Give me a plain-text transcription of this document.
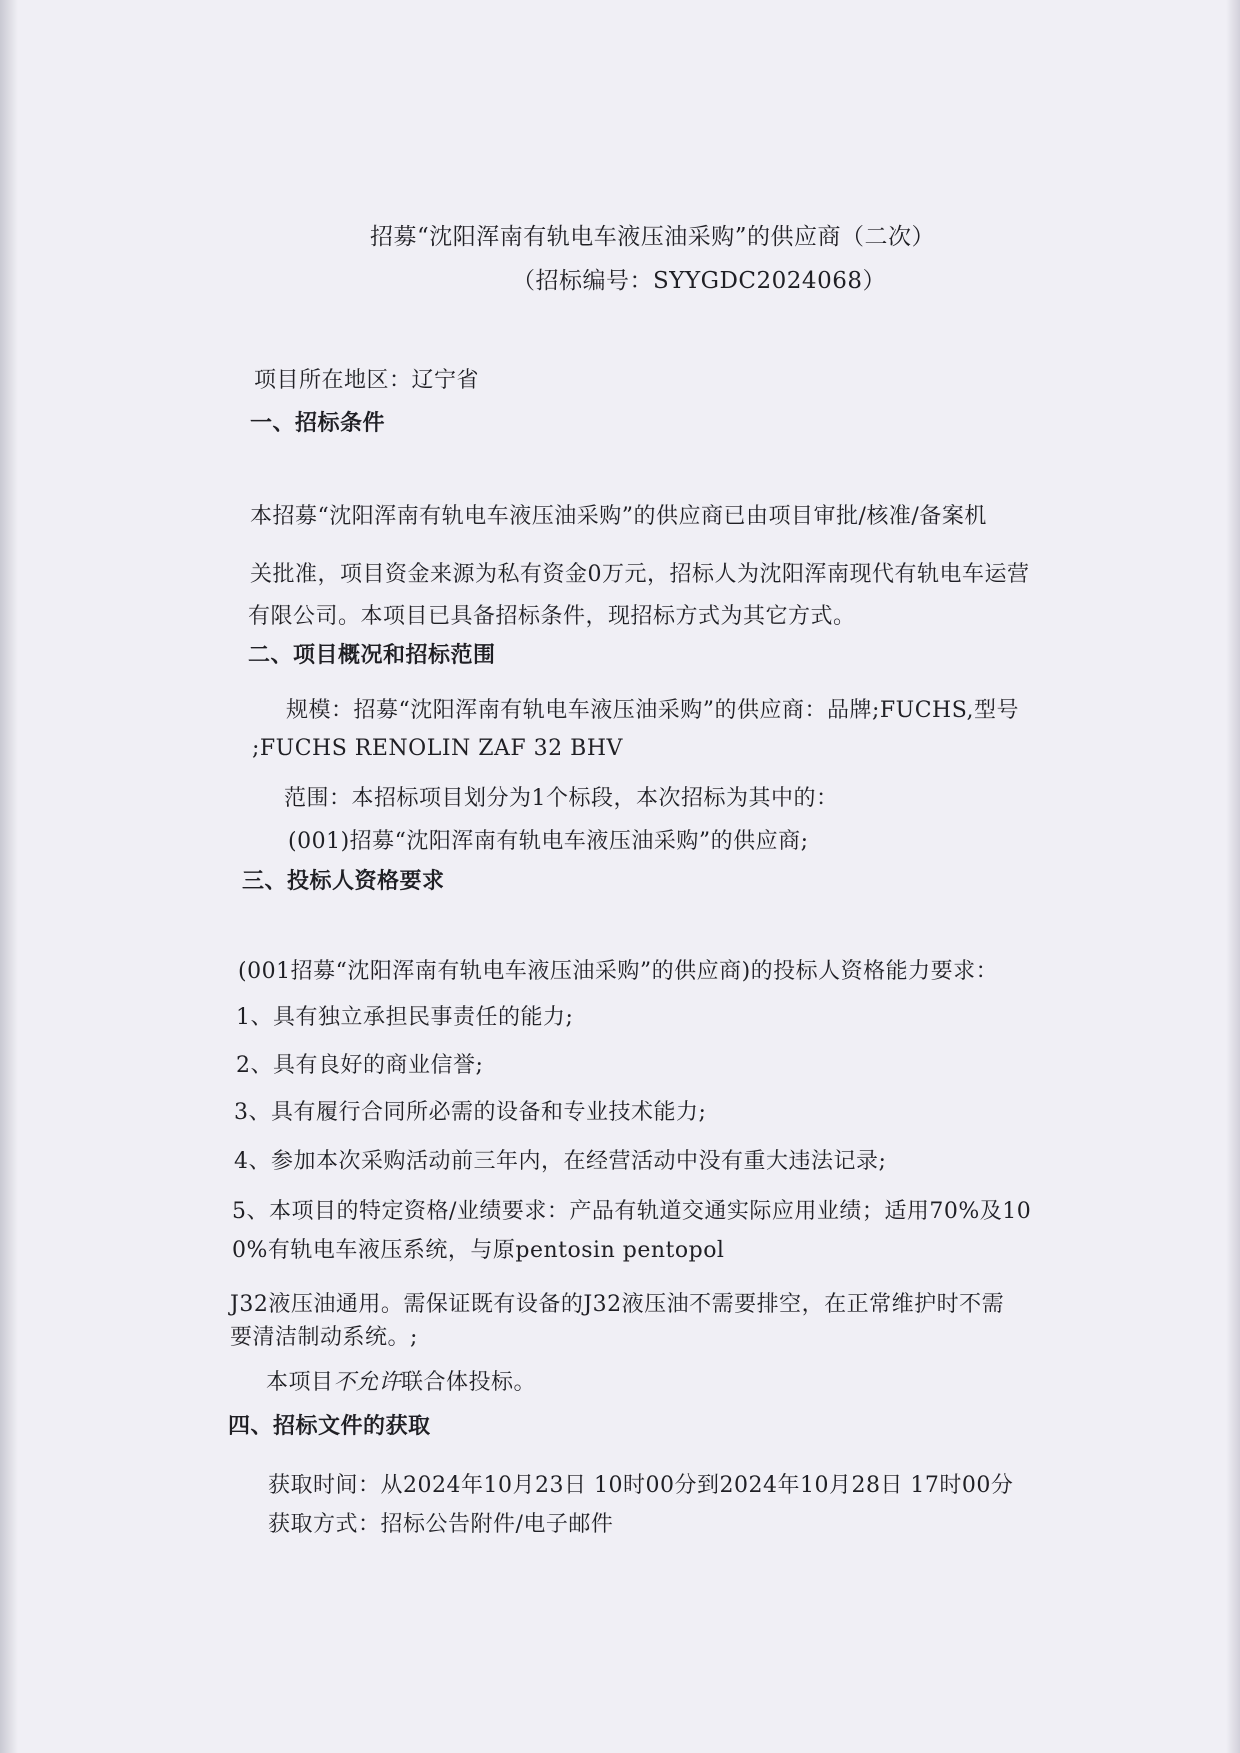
招募“沈阳浑南有轨电车液压油采购”的供应商（二次）
（招标编号：SYYGDC2024068）
项目所在地区：辽宁省
一、招标条件
本招募“沈阳浑南有轨电车液压油采购”的供应商已由项目审批/核准/备案机
关批准，项目资金来源为私有资金0万元，招标人为沈阳浑南现代有轨电车运营
有限公司。本项目已具备招标条件，现招标方式为其它方式。
二、项目概况和招标范围
规模：招募“沈阳浑南有轨电车液压油采购”的供应商：品牌;FUCHS,型号
;FUCHS RENOLIN ZAF 32 BHV
范围：本招标项目划分为1个标段，本次招标为其中的：
(001)招募“沈阳浑南有轨电车液压油采购”的供应商;
三、投标人资格要求
(001招募“沈阳浑南有轨电车液压油采购”的供应商)的投标人资格能力要求：
1、具有独立承担民事责任的能力;
2、具有良好的商业信誉;
3、具有履行合同所必需的设备和专业技术能力;
4、参加本次采购活动前三年内，在经营活动中没有重大违法记录;
5、本项目的特定资格/业绩要求：产品有轨道交通实际应用业绩；适用70%及10
0%有轨电车液压系统，与原pentosin pentopol
J32液压油通用。需保证既有设备的J32液压油不需要排空，在正常维护时不需
要清洁制动系统。;
本项目不允许联合体投标。
四、招标文件的获取
获取时间：从2024年10月23日 10时00分到2024年10月28日 17时00分
获取方式：招标公告附件/电子邮件
